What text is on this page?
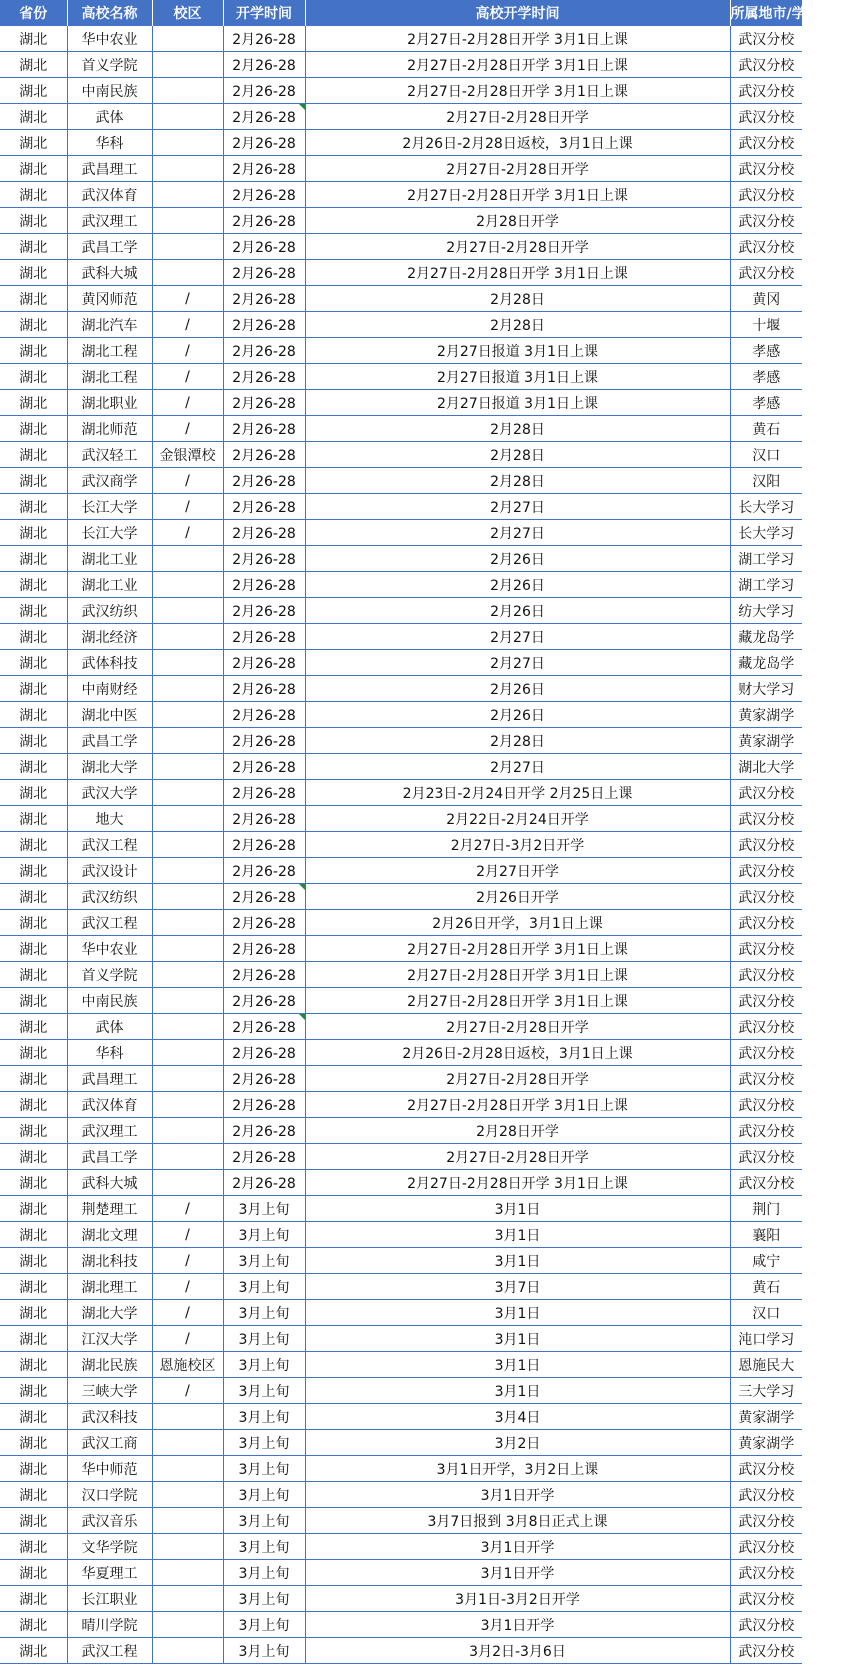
省份	高校名称	校区	开学时间	高校开学时间	所属地市/学习中心
湖北	华中农业		2月26-28	2月27日-2月28日开学 3月1日上课	武汉分校
湖北	首义学院		2月26-28	2月27日-2月28日开学 3月1日上课	武汉分校
湖北	中南民族		2月26-28	2月27日-2月28日开学 3月1日上课	武汉分校
湖北	武体		2月26-28	2月27日-2月28日开学	武汉分校
湖北	华科		2月26-28	2月26日-2月28日返校，3月1日上课	武汉分校
湖北	武昌理工		2月26-28	2月27日-2月28日开学	武汉分校
湖北	武汉体育		2月26-28	2月27日-2月28日开学 3月1日上课	武汉分校
湖北	武汉理工		2月26-28	2月28日开学	武汉分校
湖北	武昌工学		2月26-28	2月27日-2月28日开学	武汉分校
湖北	武科大城		2月26-28	2月27日-2月28日开学 3月1日上课	武汉分校
湖北	黄冈师范	/	2月26-28	2月28日	黄冈
湖北	湖北汽车	/	2月26-28	2月28日	十堰
湖北	湖北工程	/	2月26-28	2月27日报道 3月1日上课	孝感
湖北	湖北工程	/	2月26-28	2月27日报道 3月1日上课	孝感
湖北	湖北职业	/	2月26-28	2月27日报道 3月1日上课	孝感
湖北	湖北师范	/	2月26-28	2月28日	黄石
湖北	武汉轻工	金银潭校	2月26-28	2月28日	汉口
湖北	武汉商学	/	2月26-28	2月28日	汉阳
湖北	长江大学	/	2月26-28	2月27日	长大学习
湖北	长江大学	/	2月26-28	2月27日	长大学习
湖北	湖北工业		2月26-28	2月26日	湖工学习
湖北	湖北工业		2月26-28	2月26日	湖工学习
湖北	武汉纺织		2月26-28	2月26日	纺大学习
湖北	湖北经济		2月26-28	2月27日	藏龙岛学
湖北	武体科技		2月26-28	2月27日	藏龙岛学
湖北	中南财经		2月26-28	2月26日	财大学习
湖北	湖北中医		2月26-28	2月26日	黄家湖学
湖北	武昌工学		2月26-28	2月28日	黄家湖学
湖北	湖北大学		2月26-28	2月27日	湖北大学
湖北	武汉大学		2月26-28	2月23日-2月24日开学 2月25日上课	武汉分校
湖北	地大		2月26-28	2月22日-2月24日开学	武汉分校
湖北	武汉工程		2月26-28	2月27日-3月2日开学	武汉分校
湖北	武汉设计		2月26-28	2月27日开学	武汉分校
湖北	武汉纺织		2月26-28	2月26日开学	武汉分校
湖北	武汉工程		2月26-28	2月26日开学，3月1日上课	武汉分校
湖北	华中农业		2月26-28	2月27日-2月28日开学 3月1日上课	武汉分校
湖北	首义学院		2月26-28	2月27日-2月28日开学 3月1日上课	武汉分校
湖北	中南民族		2月26-28	2月27日-2月28日开学 3月1日上课	武汉分校
湖北	武体		2月26-28	2月27日-2月28日开学	武汉分校
湖北	华科		2月26-28	2月26日-2月28日返校，3月1日上课	武汉分校
湖北	武昌理工		2月26-28	2月27日-2月28日开学	武汉分校
湖北	武汉体育		2月26-28	2月27日-2月28日开学 3月1日上课	武汉分校
湖北	武汉理工		2月26-28	2月28日开学	武汉分校
湖北	武昌工学		2月26-28	2月27日-2月28日开学	武汉分校
湖北	武科大城		2月26-28	2月27日-2月28日开学 3月1日上课	武汉分校
湖北	荆楚理工	/	3月上旬	3月1日	荆门
湖北	湖北文理	/	3月上旬	3月1日	襄阳
湖北	湖北科技	/	3月上旬	3月1日	咸宁
湖北	湖北理工	/	3月上旬	3月7日	黄石
湖北	湖北大学	/	3月上旬	3月1日	汉口
湖北	江汉大学	/	3月上旬	3月1日	沌口学习
湖北	湖北民族	恩施校区	3月上旬	3月1日	恩施民大
湖北	三峡大学	/	3月上旬	3月1日	三大学习
湖北	武汉科技		3月上旬	3月4日	黄家湖学
湖北	武汉工商		3月上旬	3月2日	黄家湖学
湖北	华中师范		3月上旬	3月1日开学，3月2日上课	武汉分校
湖北	汉口学院		3月上旬	3月1日开学	武汉分校
湖北	武汉音乐		3月上旬	3月7日报到 3月8日正式上课	武汉分校
湖北	文华学院		3月上旬	3月1日开学	武汉分校
湖北	华夏理工		3月上旬	3月1日开学	武汉分校
湖北	长江职业		3月上旬	3月1日-3月2日开学	武汉分校
湖北	晴川学院		3月上旬	3月1日开学	武汉分校
湖北	武汉工程		3月上旬	3月2日-3月6日	武汉分校
